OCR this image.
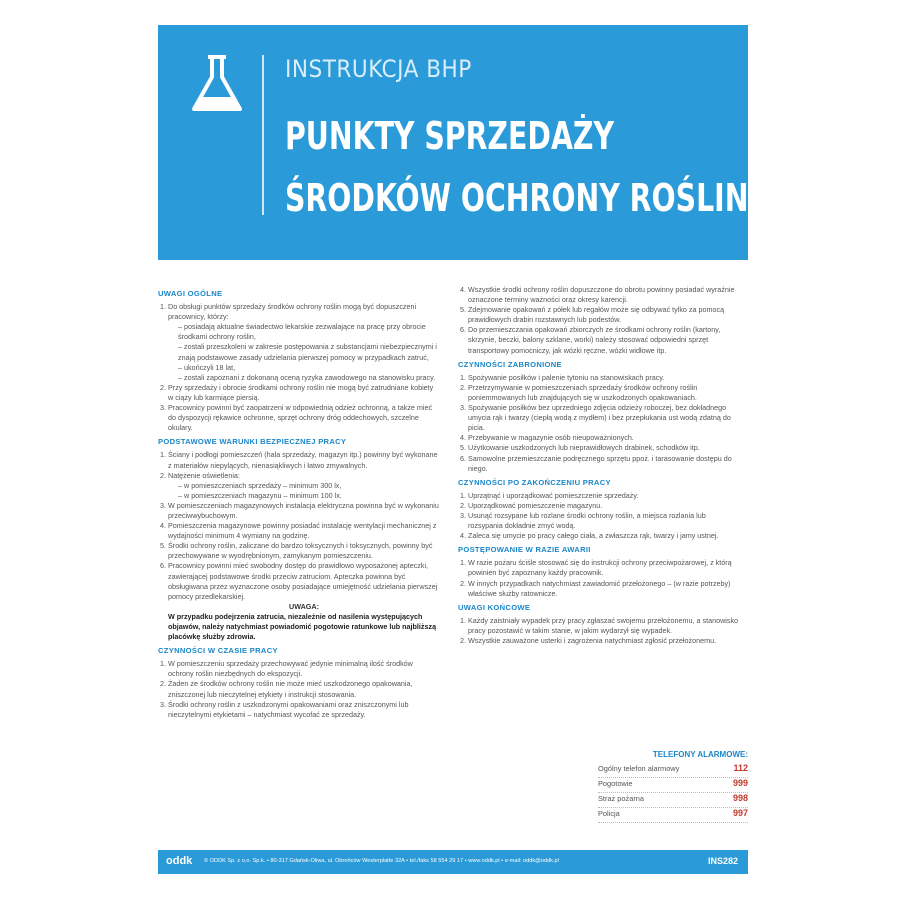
INSTRUKCJA BHP
PUNKTY SPRZEDAŻY
ŚRODKÓW OCHRONY ROŚLIN
UWAGI OGÓLNE
1. Do obsługi punktów sprzedaży środków ochrony roślin mogą być dopuszczeni pracownicy, którzy:
– posiadają aktualne świadectwo lekarskie zezwalające na pracę przy obrocie środkami ochrony roślin,
– zostali przeszkoleni w zakresie postępowania z substancjami niebezpiecznymi i znają podstawowe zasady udzielania pierwszej pomocy w przypadkach zatruć,
– ukończyli 18 lat,
– zostali zapoznani z dokonaną oceną ryzyka zawodowego na stanowisku pracy.
2. Przy sprzedaży i obrocie środkami ochrony roślin nie mogą być zatrudniane kobiety w ciąży lub karmiące piersią.
3. Pracownicy powinni być zaopatrzeni w odpowiednią odzież ochronną, a także mieć do dyspozycji rękawice ochronne, sprzęt ochrony dróg oddechowych, szczelne okulary.
PODSTAWOWE WARUNKI BEZPIECZNEJ PRACY
1. Ściany i podłogi pomieszczeń (hala sprzedaży, magazyn itp.) powinny być wykonane z materiałów niepylących, nienasiąkliwych i łatwo zmywalnych.
2. Natężenie oświetlenia:
– w pomieszczeniach sprzedaży – minimum 300 lx,
– w pomieszczeniach magazynu – minimum 100 lx.
3. W pomieszczeniach magazynowych instalacja elektryczna powinna być w wykonaniu przeciwwybuchowym.
4. Pomieszczenia magazynowe powinny posiadać instalację wentylacji mechanicznej z wydajności minimum 4 wymiany na godzinę.
5. Środki ochrony roślin, zaliczane do bardzo toksycznych i toksycznych, powinny być przechowywane w wyodrębnionym, zamykanym pomieszczeniu.
6. Pracownicy powinni mieć swobodny dostęp do prawidłowo wyposażonej apteczki, zawierającej podstawowe środki przeciw zatruciom. Apteczka powinna być obsługiwana przez wyznaczone osoby posiadające umiejętność udzielania pierwszej pomocy przedlekarskiej.
UWAGA:
W przypadku podejrzenia zatrucia, niezależnie od nasilenia występujących objawów, należy natychmiast powiadomić pogotowie ratunkowe lub najbliższą placówkę służby zdrowia.
CZYNNOŚCI W CZASIE PRACY
1. W pomieszczeniu sprzedaży przechowywać jedynie minimalną ilość środków ochrony roślin niezbędnych do ekspozycji.
2. Żaden ze środków ochrony roślin nie może mieć uszkodzonego opakowania, zniszczonej lub nieczytelnej etykiety i instrukcji stosowania.
3. Środki ochrony roślin z uszkodzonymi opakowaniami oraz zniszczonymi lub nieczytelnymi etykietami – natychmiast wycofać ze sprzedaży.
4. Wszystkie środki ochrony roślin dopuszczone do obrotu powinny posiadać wyraźnie oznaczone terminy ważności oraz okresy karencji.
5. Zdejmowanie opakowań z półek lub regałów może się odbywać tylko za pomocą prawidłowych drabin rozstawnych lub podestów.
6. Do przemieszczania opakowań zbiorczych ze środkami ochrony roślin (kartony, skrzynie, beczki, balony szklane, worki) należy stosować odpowiedni sprzęt transportowy pomocniczy, jak wózki ręczne, wózki widłowe itp.
CZYNNOŚCI ZABRONIONE
1. Spożywanie posiłków i palenie tytoniu na stanowiskach pracy.
2. Przetrzymywanie w pomieszczeniach sprzedaży środków ochrony roślin poniemmowanych lub znajdujących się w uszkodzonych opakowaniach.
3. Spożywanie posiłków bez uprzedniego zdjęcia odzieży roboczej, bez dokładnego umycia rąk i twarzy (ciepłą wodą z mydłem) i bez przepłukania ust wodą zdatną do picia.
4. Przebywanie w magazynie osób nieupoważnionych.
5. Użytkowanie uszkodzonych lub nieprawidłowych drabinek, schodków itp.
6. Samowolne przemieszczanie podręcznego sprzętu ppoż. i tarasowanie dostępu do niego.
CZYNNOŚCI PO ZAKOŃCZENIU PRACY
1. Uprzątnąć i uporządkować pomieszczenie sprzedaży.
2. Uporządkować pomieszczenie magazynu.
3. Usunąć rozsypane lub rozlane środki ochrony roślin, a miejsca rozlania lub rozsypania dokładnie zmyć wodą.
4. Zaleca się umycie po pracy całego ciała, a zwłaszcza rąk, twarzy i jamy ustnej.
POSTĘPOWANIE W RAZIE AWARII
1. W razie pożaru ściśle stosować się do instrukcji ochrony przeciwpożarowej, z którą powinien być zapoznany każdy pracownik.
2. W innych przypadkach natychmiast zawiadomić przełożonego – (w razie potrzeby) właściwe służby ratownicze.
UWAGI KOŃCOWE
1. Każdy zaistniały wypadek przy pracy zgłaszać swojemu przełożonemu, a stanowisko pracy pozostawić w takim stanie, w jakim wydarzył się wypadek.
2. Wszystkie zauważone usterki i zagrożenia natychmiast zgłosić przełożonemu.
TELEFONY ALARMOWE:
Ogólny telefon alarmowy	112
Pogotowie	999
Straż pożarna	998
Policja	997
oddk © ODDK Sp. z o.o. Sp.k. • 80-317 Gdańsk-Oliwa, ul. Obrońców Westerplatte 32A • tel./faks 58 554 29 17 • www.oddk.pl • e-mail: oddk@oddk.pl	INS282
